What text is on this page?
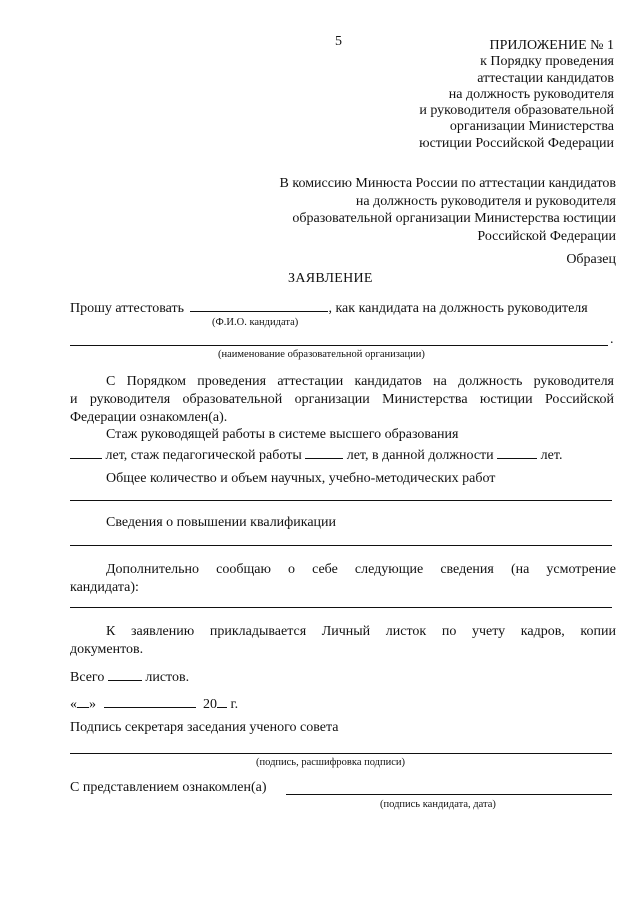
5	ПРИЛОЖЕНИЕ № 1
к Порядку проведения
аттестации кандидатов
на должность руководителя
и руководителя образовательной
организации Министерства
юстиции Российской Федерации
В комиссию Минюста России по аттестации кандидатов
на должность руководителя и руководителя
образовательной организации Министерства юстиции
Российской Федерации
Образец
ЗАЯВЛЕНИЕ
Прошу аттестовать	, как кандидата на должность руководителя
(Ф.И.О. кандидата)
.
(наименование образовательной организации)
С Порядком проведения аттестации кандидатов на должность руководителя
и руководителя образовательной организации Министерства юстиции Российской
Федерации ознакомлен(а).
Стаж руководящей работы в системе высшего образования
лет, стаж педагогической работы	лет, в данной должности	лет.
Общее количество и объем научных, учебно-методических работ
Сведения о повышении квалификации
Дополнительно сообщаю о себе следующие сведения (на усмотрение
кандидата):
К заявлению прикладывается Личный листок по учету кадров, копии
документов.
Всего	листов.
« »	20 г.
Подпись секретаря заседания ученого совета
(подпись, расшифровка подписи)
С представлением ознакомлен(а)
(подпись кандидата, дата)
